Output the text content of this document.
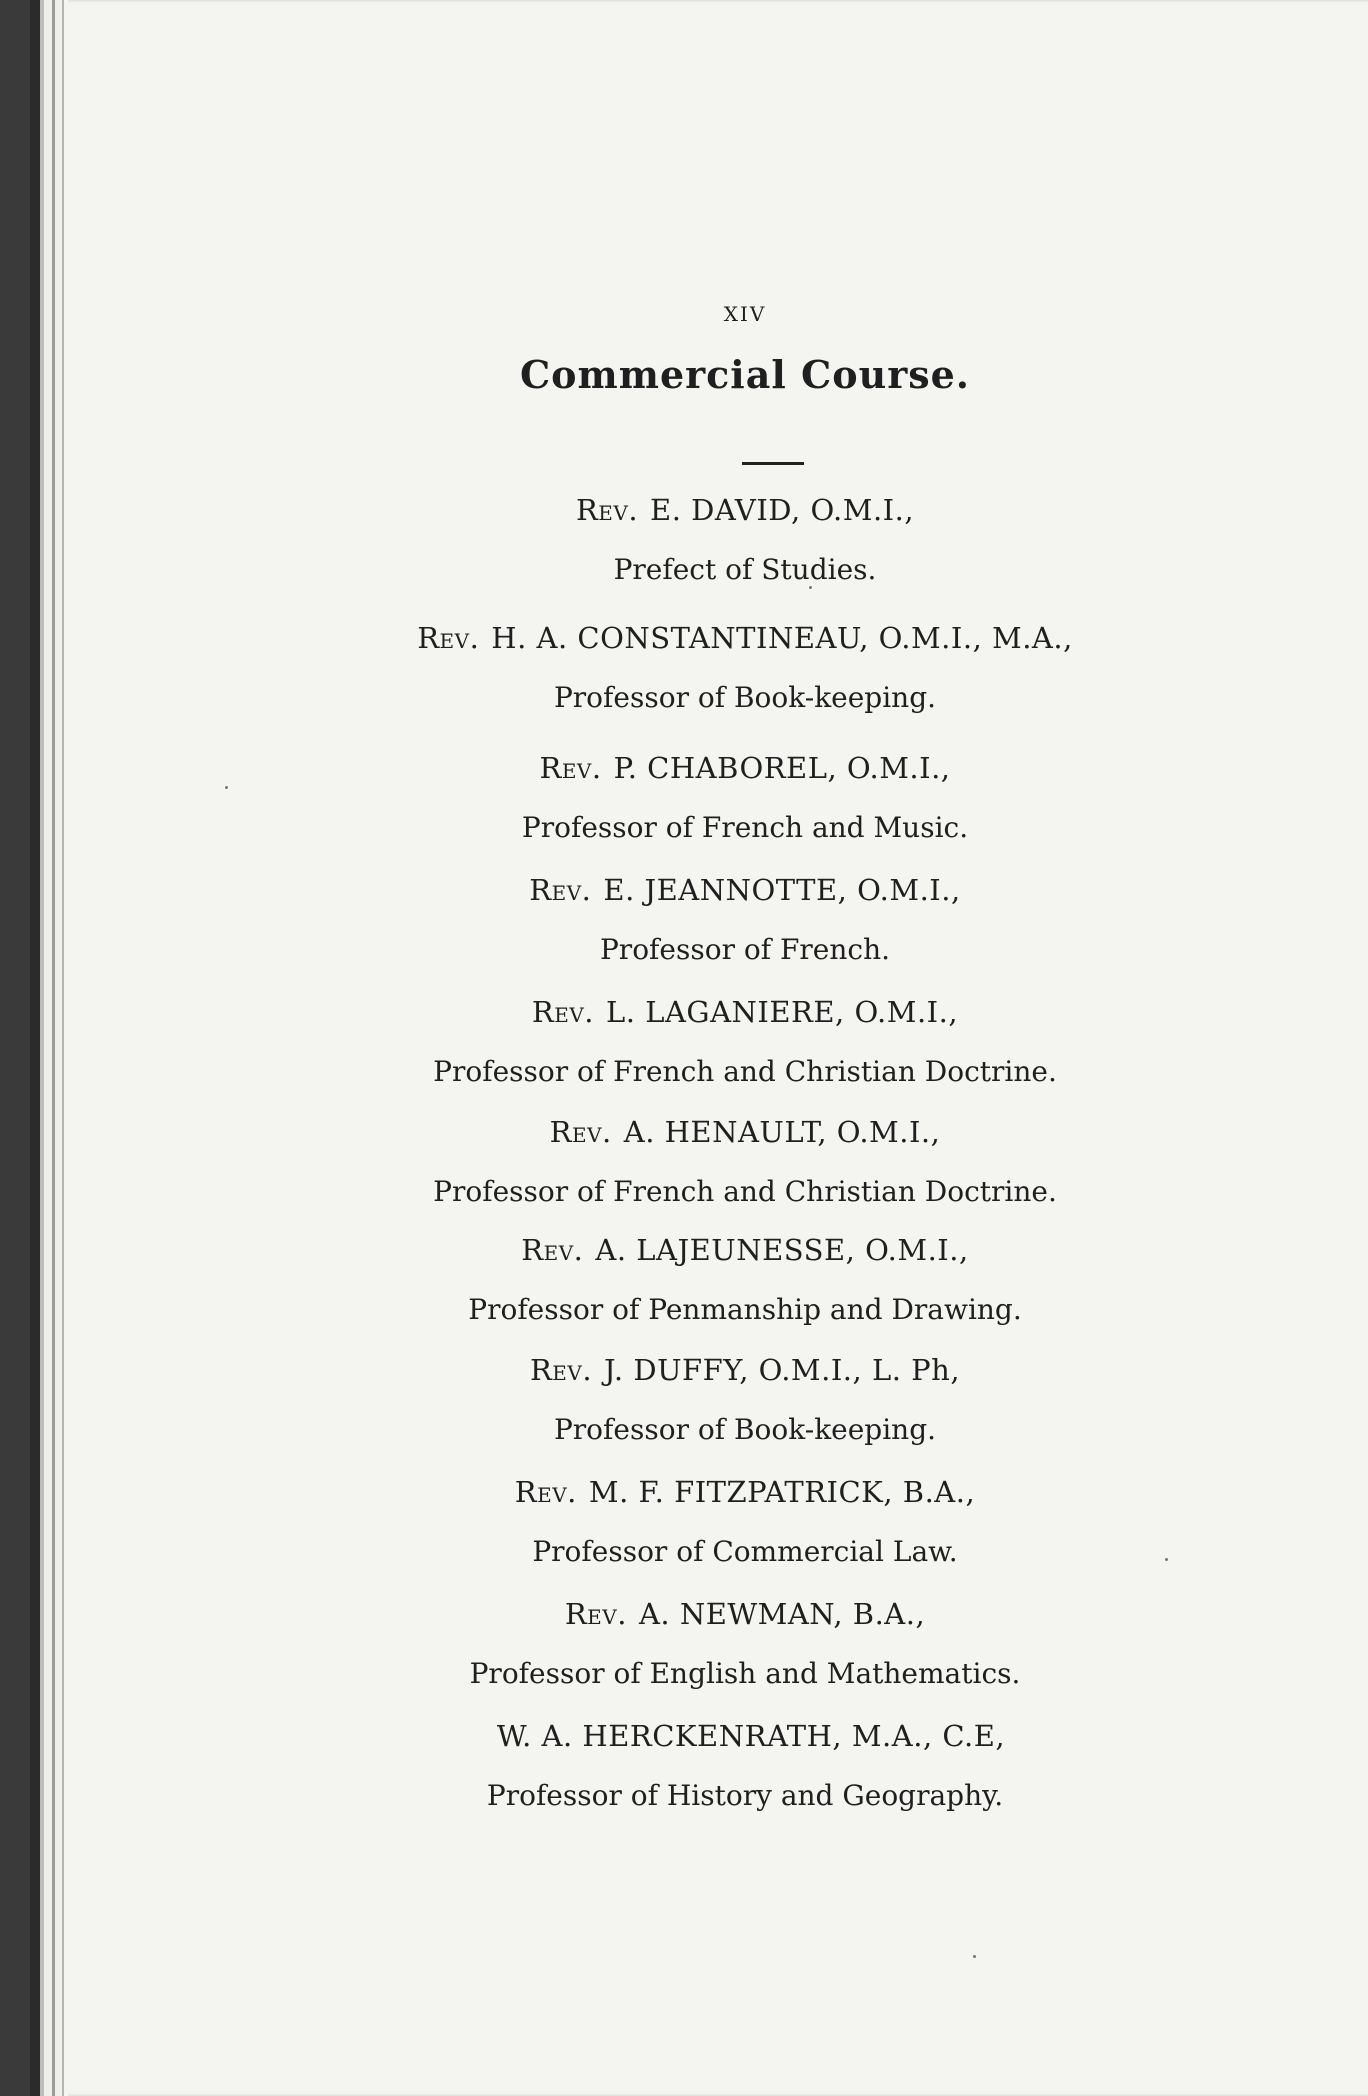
XIV
Commercial Course.
Rev. E. DAVID, O.M.I.,
Prefect of Studies.
Rev. H. A. CONSTANTINEAU, O.M.I., M.A.,
Professor of Book-keeping.
Rev. P. CHABOREL, O.M.I.,
Professor of French and Music.
Rev. E. JEANNOTTE, O.M.I.,
Professor of French.
Rev. L. LAGANIERE, O.M.I.,
Professor of French and Christian Doctrine.
Rev. A. HENAULT, O.M.I.,
Professor of French and Christian Doctrine.
Rev. A. LAJEUNESSE, O.M.I.,
Professor of Penmanship and Drawing.
Rev. J. DUFFY, O.M.I., L. Ph,
Professor of Book-keeping.
Rev. M. F. FITZPATRICK, B.A.,
Professor of Commercial Law.
Rev. A. NEWMAN, B.A.,
Professor of English and Mathematics.
W. A. HERCKENRATH, M.A., C.E,
Professor of History and Geography.
